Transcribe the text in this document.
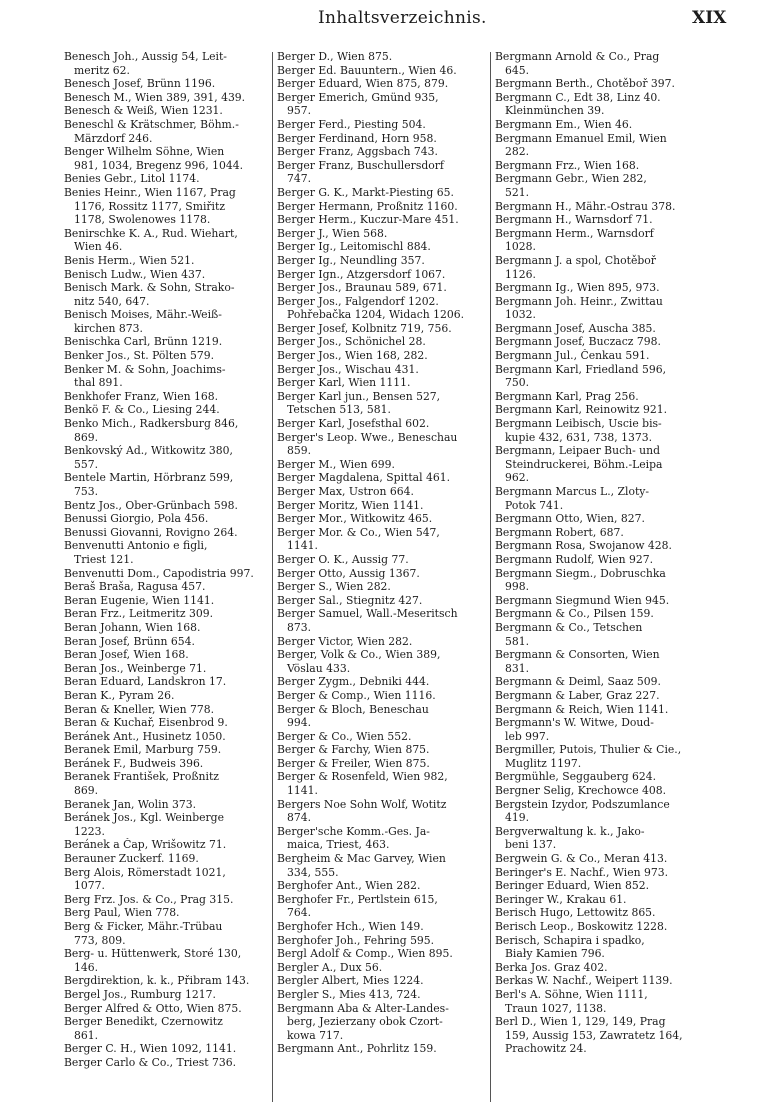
Inhaltsverzeichnis.	XIX
Benesch Joh., Aussig 54, Leit-
meritz 62.
Benesch Josef, Brünn 1196.
Benesch M., Wien 389, 391, 439.
Benesch & Weiß, Wien 1231.
Beneschl & Krätschmer, Böhm.-
Märzdorf 246.
Benger Wilhelm Söhne, Wien
981, 1034, Bregenz 996, 1044.
Benies Gebr., Litol 1174.
Benies Heinr., Wien 1167, Prag
1176, Rossitz 1177, Smiřitz
1178, Swolenowes 1178.
Benirschke K. A., Rud. Wiehart,
Wien 46.
Benis Herm., Wien 521.
Benisch Ludw., Wien 437.
Benisch Mark. & Sohn, Strako-
nitz 540, 647.
Benisch Moises, Mähr.-Weiß-
kirchen 873.
Benischka Carl, Brünn 1219.
Benker Jos., St. Pölten 579.
Benker M. & Sohn, Joachims-
thal 891.
Benkhofer Franz, Wien 168.
Benkö F. & Co., Liesing 244.
Benko Mich., Radkersburg 846,
869.
Benkovský Ad., Witkowitz 380,
557.
Bentele Martin, Hörbranz 599,
753.
Bentz Jos., Ober-Grünbach 598.
Benussi Giorgio, Pola 456.
Benussi Giovanni, Rovigno 264.
Benvenutti Antonio e figli,
Triest 121.
Benvenutti Dom., Capodistria 997.
Beraš Braša, Ragusa 457.
Beran Eugenie, Wien 1141.
Beran Frz., Leitmeritz 309.
Beran Johann, Wien 168.
Beran Josef, Brünn 654.
Beran Josef, Wien 168.
Beran Jos., Weinberge 71.
Beran Eduard, Landskron 17.
Beran K., Pyram 26.
Beran & Kneller, Wien 778.
Beran & Kuchař, Eisenbrod 9.
Beránek Ant., Husinetz 1050.
Beranek Emil, Marburg 759.
Beránek F., Budweis 396.
Beranek František, Proßnitz
869.
Beranek Jan, Wolin 373.
Beránek Jos., Kgl. Weinberge
1223.
Beránek a Čap, Wrišowitz 71.
Berauner Zuckerf. 1169.
Berg Alois, Römerstadt 1021,
1077.
Berg Frz. Jos. & Co., Prag 315.
Berg Paul, Wien 778.
Berg & Ficker, Mähr.-Trübau
773, 809.
Berg- u. Hüttenwerk, Storé 130,
146.
Bergdirektion, k. k., Přibram 143.
Bergel Jos., Rumburg 1217.
Berger Alfred & Otto, Wien 875.
Berger Benedikt, Czernowitz
861.
Berger C. H., Wien 1092, 1141.
Berger Carlo & Co., Triest 736.
Berger D., Wien 875.
Berger Ed. Bauuntern., Wien 46.
Berger Eduard, Wien 875, 879.
Berger Emerich, Gmünd 935,
957.
Berger Ferd., Piesting 504.
Berger Ferdinand, Horn 958.
Berger Franz, Aggsbach 743.
Berger Franz, Buschullersdorf
747.
Berger G. K., Markt-Piesting 65.
Berger Hermann, Proßnitz 1160.
Berger Herm., Kuczur-Mare 451.
Berger J., Wien 568.
Berger Ig., Leitomischl 884.
Berger Ig., Neundling 357.
Berger Ign., Atzgersdorf 1067.
Berger Jos., Braunau 589, 671.
Berger Jos., Falgendorf 1202.
Pohřebačka 1204, Widach 1206.
Berger Josef, Kolbnitz 719, 756.
Berger Jos., Schönichel 28.
Berger Jos., Wien 168, 282.
Berger Jos., Wischau 431.
Berger Karl, Wien 1111.
Berger Karl jun., Bensen 527,
Tetschen 513, 581.
Berger Karl, Josefsthal 602.
Berger's Leop. Wwe., Beneschau
859.
Berger M., Wien 699.
Berger Magdalena, Spittal 461.
Berger Max, Ustron 664.
Berger Moritz, Wien 1141.
Berger Mor., Witkowitz 465.
Berger Mor. & Co., Wien 547,
1141.
Berger O. K., Aussig 77.
Berger Otto, Aussig 1367.
Berger S., Wien 282.
Berger Sal., Stiegnitz 427.
Berger Samuel, Wall.-Meseritsch
873.
Berger Victor, Wien 282.
Berger, Volk & Co., Wien 389,
Vöslau 433.
Berger Zygm., Debniki 444.
Berger & Comp., Wien 1116.
Berger & Bloch, Beneschau
994.
Berger & Co., Wien 552.
Berger & Farchy, Wien 875.
Berger & Freiler, Wien 875.
Berger & Rosenfeld, Wien 982,
1141.
Bergers Noe Sohn Wolf, Wotitz
874.
Berger'sche Komm.-Ges. Ja-
maica, Triest, 463.
Bergheim & Mac Garvey, Wien
334, 555.
Berghofer Ant., Wien 282.
Berghofer Fr., Pertlstein 615,
764.
Berghofer Hch., Wien 149.
Berghofer Joh., Fehring 595.
Bergl Adolf & Comp., Wien 895.
Bergler A., Dux 56.
Bergler Albert, Mies 1224.
Bergler S., Mies 413, 724.
Bergmann Aba & Alter-Landes-
berg, Jezierzany obok Czort-
kowa 717.
Bergmann Ant., Pohrlitz 159.
Bergmann Arnold & Co., Prag
645.
Bergmann Berth., Chotěboř 397.
Bergmann C., Edt 38, Linz 40.
Kleinmünchen 39.
Bergmann Em., Wien 46.
Bergmann Emanuel Emil, Wien
282.
Bergmann Frz., Wien 168.
Bergmann Gebr., Wien 282,
521.
Bergmann H., Mähr.-Ostrau 378.
Bergmann H., Warnsdorf 71.
Bergmann Herm., Warnsdorf
1028.
Bergmann J. a spol, Chotěboř
1126.
Bergmann Ig., Wien 895, 973.
Bergmann Joh. Heinr., Zwittau
1032.
Bergmann Josef, Auscha 385.
Bergmann Josef, Buczacz 798.
Bergmann Jul., Čenkau 591.
Bergmann Karl, Friedland 596,
750.
Bergmann Karl, Prag 256.
Bergmann Karl, Reinowitz 921.
Bergmann Leibisch, Uscie bis-
kupie 432, 631, 738, 1373.
Bergmann, Leipaer Buch- und
Steindruckerei, Böhm.-Leipa
962.
Bergmann Marcus L., Zloty-
Potok 741.
Bergmann Otto, Wien, 827.
Bergmann Robert, 687.
Bergmann Rosa, Swojanow 428.
Bergmann Rudolf, Wien 927.
Bergmann Siegm., Dobruschka
998.
Bergmann Siegmund Wien 945.
Bergmann & Co., Pilsen 159.
Bergmann & Co., Tetschen
581.
Bergmann & Consorten, Wien
831.
Bergmann & Deiml, Saaz 509.
Bergmann & Laber, Graz 227.
Bergmann & Reich, Wien 1141.
Bergmann's W. Witwe, Doud-
leb 997.
Bergmiller, Putois, Thulier & Cie.,
Muglitz 1197.
Bergmühle, Seggauberg 624.
Bergner Selig, Krechowce 408.
Bergstein Izydor, Podszumlance
419.
Bergverwaltung k. k., Jako-
beni 137.
Bergwein G. & Co., Meran 413.
Beringer's E. Nachf., Wien 973.
Beringer Eduard, Wien 852.
Beringer W., Krakau 61.
Berisch Hugo, Lettowitz 865.
Berisch Leop., Boskowitz 1228.
Berisch, Schapira i spadko,
Biały Kamien 796.
Berka Jos. Graz 402.
Berkas W. Nachf., Weipert 1139.
Berl's A. Söhne, Wien 1111,
Traun 1027, 1138.
Berl D., Wien 1, 129, 149, Prag
159, Aussig 153, Zawratetz 164,
Prachowitz 24.
